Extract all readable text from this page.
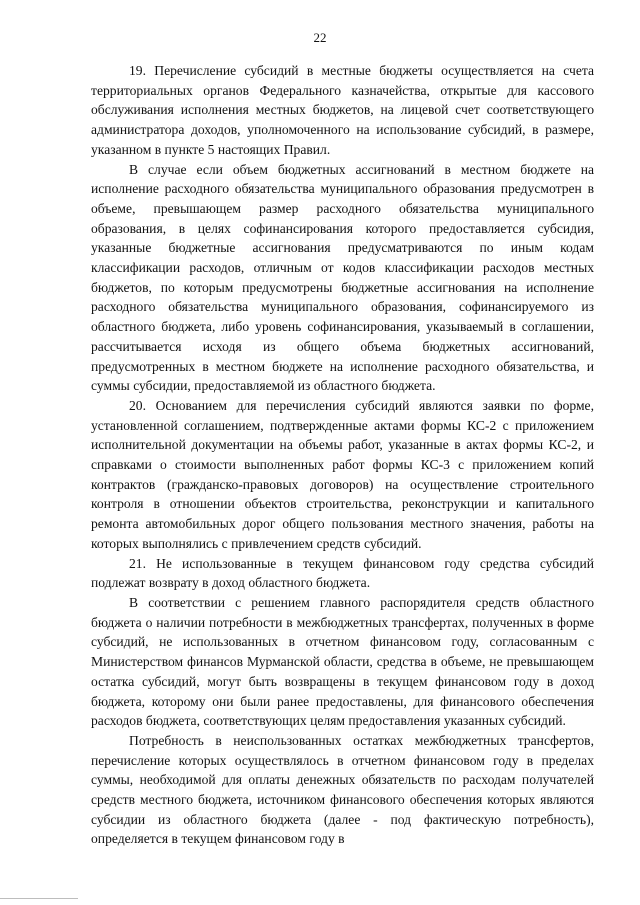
22

19. Перечисление субсидий в местные бюджеты осуществляется на счета территориальных органов Федерального казначейства, открытые для кассового обслуживания исполнения местных бюджетов, на лицевой счет соответствующего администратора доходов, уполномоченного на использование субсидий, в размере, указанном в пункте 5 настоящих Правил.

В случае если объем бюджетных ассигнований в местном бюджете на исполнение расходного обязательства муниципального образования предусмотрен в объеме, превышающем размер расходного обязательства муниципального образования, в целях софинансирования которого предоставляется субсидия, указанные бюджетные ассигнования предусматриваются по иным кодам классификации расходов, отличным от кодов классификации расходов местных бюджетов, по которым предусмотрены бюджетные ассигнования на исполнение расходного обязательства муниципального образования, софинансируемого из областного бюджета, либо уровень софинансирования, указываемый в соглашении, рассчитывается исходя из общего объема бюджетных ассигнований, предусмотренных в местном бюджете на исполнение расходного обязательства, и суммы субсидии, предоставляемой из областного бюджета.

20. Основанием для перечисления субсидий являются заявки по форме, установленной соглашением, подтвержденные актами формы КС-2 с приложением исполнительной документации на объемы работ, указанные в актах формы КС-2, и справками о стоимости выполненных работ формы КС-3 с приложением копий контрактов (гражданско-правовых договоров) на осуществление строительного контроля в отношении объектов строительства, реконструкции и капитального ремонта автомобильных дорог общего пользования местного значения, работы на которых выполнялись с привлечением средств субсидий.

21. Не использованные в текущем финансовом году средства субсидий подлежат возврату в доход областного бюджета.

В соответствии с решением главного распорядителя средств областного бюджета о наличии потребности в межбюджетных трансфертах, полученных в форме субсидий, не использованных в отчетном финансовом году, согласованным с Министерством финансов Мурманской области, средства в объеме, не превышающем остатка субсидий, могут быть возвращены в текущем финансовом году в доход бюджета, которому они были ранее предоставлены, для финансового обеспечения расходов бюджета, соответствующих целям предоставления указанных субсидий.

Потребность в неиспользованных остатках межбюджетных трансфертов, перечисление которых осуществлялось в отчетном финансовом году в пределах суммы, необходимой для оплаты денежных обязательств по расходам получателей средств местного бюджета, источником финансового обеспечения которых являются субсидии из областного бюджета (далее - под фактическую потребность), определяется в текущем финансовом году в
